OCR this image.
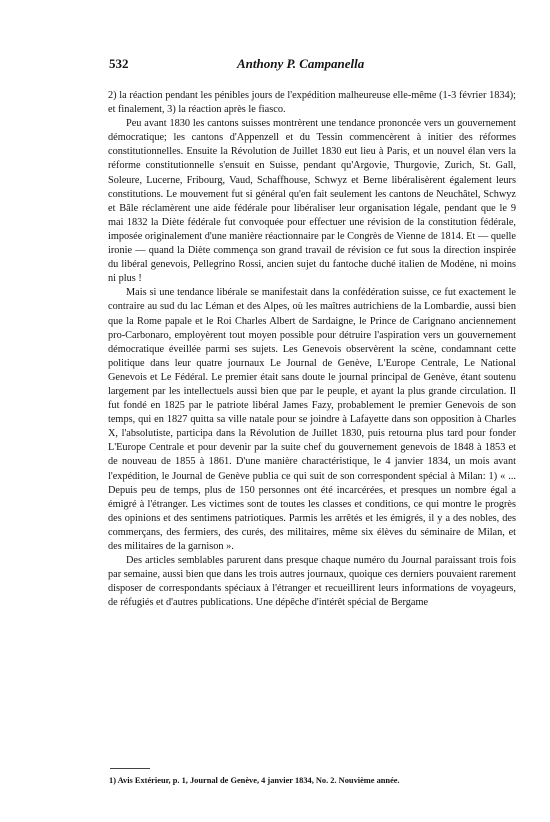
532	Anthony P. Campanella

2) la réaction pendant les pénibles jours de l'expédition malheureuse elle-même (1-3 février 1834); et finalement, 3) la réaction après le fiasco.

Peu avant 1830 les cantons suisses montrèrent une tendance prononcée vers un gouvernement démocratique; les cantons d'Appenzell et du Tessin commencèrent à initier des réformes constitutionnelles. Ensuite la Révolution de Juillet 1830 eut lieu à Paris, et un nouvel élan vers la réforme constitutionnelle s'ensuit en Suisse, pendant qu'Argovie, Thurgovie, Zurich, St. Gall, Soleure, Lucerne, Fribourg, Vaud, Schaffhouse, Schwyz et Berne libéralisèrent également leurs constitutions. Le mouvement fut si général qu'en fait seulement les cantons de Neuchâtel, Schwyz et Bâle réclamèrent une aide fédérale pour libéraliser leur organisation légale, pendant que le 9 mai 1832 la Diète fédérale fut convoquée pour effectuer une révision de la constitution fédérale, imposée originalement d'une manière réactionnaire par le Congrès de Vienne de 1814. Et — quelle ironie — quand la Diète commença son grand travail de révision ce fut sous la direction inspirée du libéral genevois, Pellegrino Rossi, ancien sujet du fantoche duché italien de Modène, ni moins ni plus !

Mais si une tendance libérale se manifestait dans la confédération suisse, ce fut exactement le contraire au sud du lac Léman et des Alpes, où les maîtres autrichiens de la Lombardie, aussi bien que la Rome papale et le Roi Charles Albert de Sardaigne, le Prince de Carignano anciennement pro-Carbonaro, employèrent tout moyen possible pour détruire l'aspiration vers un gouvernement démocratique éveillée parmi ses sujets. Les Genevois observèrent la scène, condamnant cette politique dans leur quatre journaux Le Journal de Genève, L'Europe Centrale, Le National Genevois et Le Fédéral. Le premier était sans doute le journal principal de Genève, étant soutenu largement par les intellectuels aussi bien que par le peuple, et ayant la plus grande circulation. Il fut fondé en 1825 par le patriote libéral James Fazy, probablement le premier Genevois de son temps, qui en 1827 quitta sa ville natale pour se joindre à Lafayette dans son opposition à Charles X, l'absolutiste, participa dans la Révolution de Juillet 1830, puis retourna plus tard pour fonder L'Europe Centrale et pour devenir par la suite chef du gouvernement genevois de 1848 à 1853 et de nouveau de 1855 à 1861. D'une manière charactéristique, le 4 janvier 1834, un mois avant l'expédition, le Journal de Genève publia ce qui suit de son correspondent spécial à Milan: 1) « ... Depuis peu de temps, plus de 150 personnes ont été incarcérées, et presques un nombre égal a émigré à l'étranger. Les victimes sont de toutes les classes et conditions, ce qui montre le progrès des opinions et des sentimens patriotiques. Parmis les arrêtés et les émigrés, il y a des nobles, des commerçans, des fermiers, des curés, des militaires, même six élèves du séminaire de Milan, et des militaires de la garnison ».

Des articles semblables parurent dans presque chaque numéro du Journal paraissant trois fois par semaine, aussi bien que dans les trois autres journaux, quoique ces derniers pouvaient rarement disposer de correspondants spéciaux à l'étranger et recueillirent leurs informations de voyageurs, de réfugiés et d'autres publications. Une dépêche d'intérêt spécial de Bergame

1) Avis Extérieur, p. 1, Journal de Genève, 4 janvier 1834, No. 2. Nouvième année.
